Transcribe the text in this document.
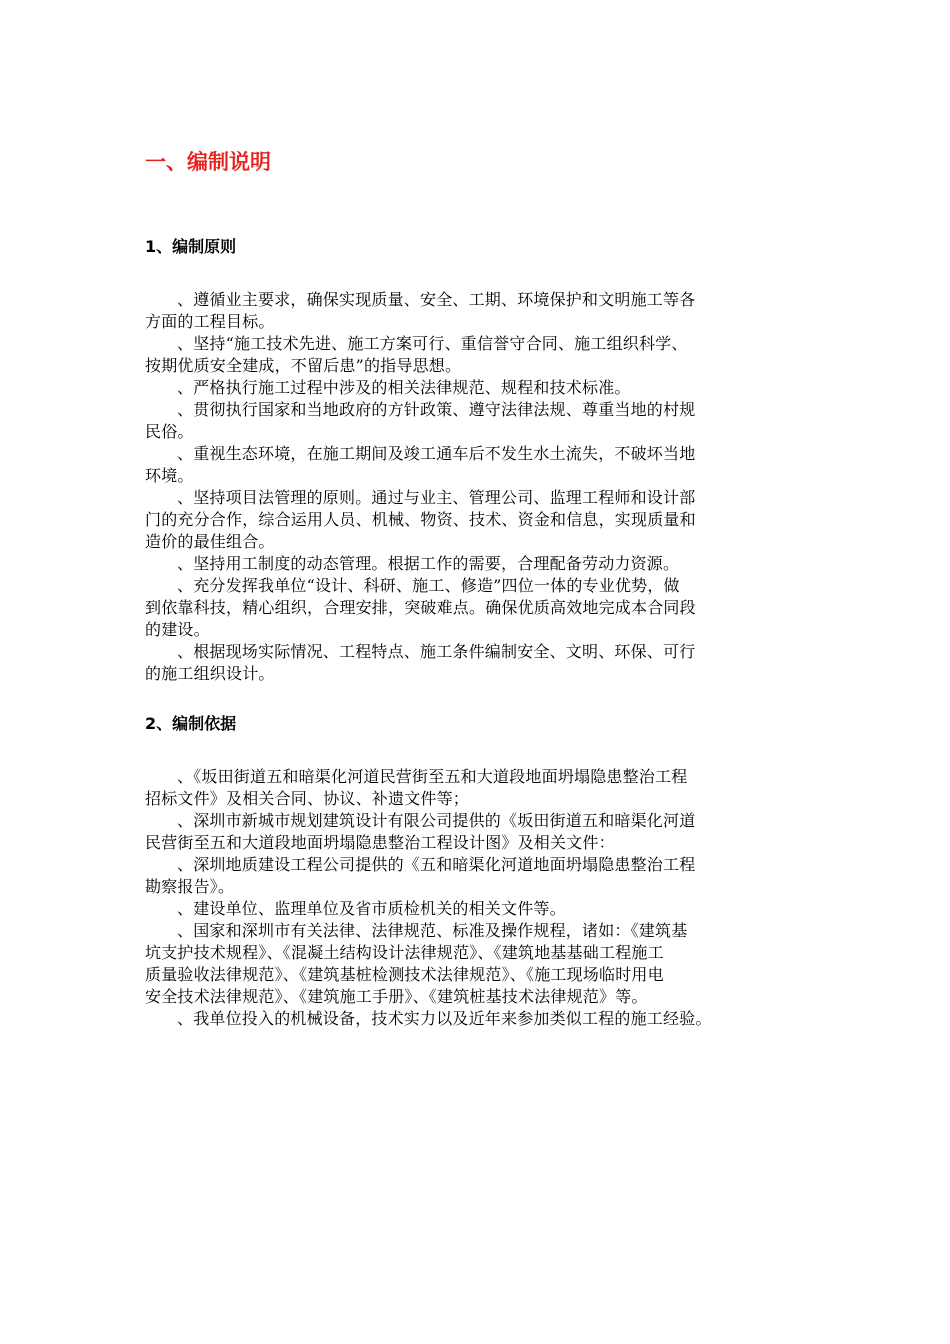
一、编制说明
1、编制原则
、遵循业主要求，确保实现质量、安全、工期、环境保护和文明施工等各
方面的工程目标。
、坚持“施工技术先进、施工方案可行、重信誉守合同、施工组织科学、
按期优质安全建成，不留后患”的指导思想。
、严格执行施工过程中涉及的相关法律规范、规程和技术标准。
、贯彻执行国家和当地政府的方针政策、遵守法律法规、尊重当地的村规
民俗。
、重视生态环境，在施工期间及竣工通车后不发生水土流失，不破坏当地
环境。
、坚持项目法管理的原则。通过与业主、管理公司、监理工程师和设计部
门的充分合作，综合运用人员、机械、物资、技术、资金和信息，实现质量和
造价的最佳组合。
、坚持用工制度的动态管理。根据工作的需要，合理配备劳动力资源。
、充分发挥我单位“设计、科研、施工、修造”四位一体的专业优势，做
到依靠科技，精心组织，合理安排，突破难点。确保优质高效地完成本合同段
的建设。
、根据现场实际情况、工程特点、施工条件编制安全、文明、环保、可行
的施工组织设计。
2、编制依据
、《坂田街道五和暗渠化河道民营街至五和大道段地面坍塌隐患整治工程
招标文件》及相关合同、协议、补遗文件等；
、深圳市新城市规划建筑设计有限公司提供的《坂田街道五和暗渠化河道
民营街至五和大道段地面坍塌隐患整治工程设计图》及相关文件：
、深圳地质建设工程公司提供的《五和暗渠化河道地面坍塌隐患整治工程
勘察报告》。
、建设单位、监理单位及省市质检机关的相关文件等。
、国家和深圳市有关法律、法律规范、标准及操作规程，诸如：《建筑基
坑支护技术规程》、《混凝土结构设计法律规范》、《建筑地基基础工程施工
质量验收法律规范》、《建筑基桩检测技术法律规范》、《施工现场临时用电
安全技术法律规范》、《建筑施工手册》、《建筑桩基技术法律规范》等。
、我单位投入的机械设备，技术实力以及近年来参加类似工程的施工经验。
